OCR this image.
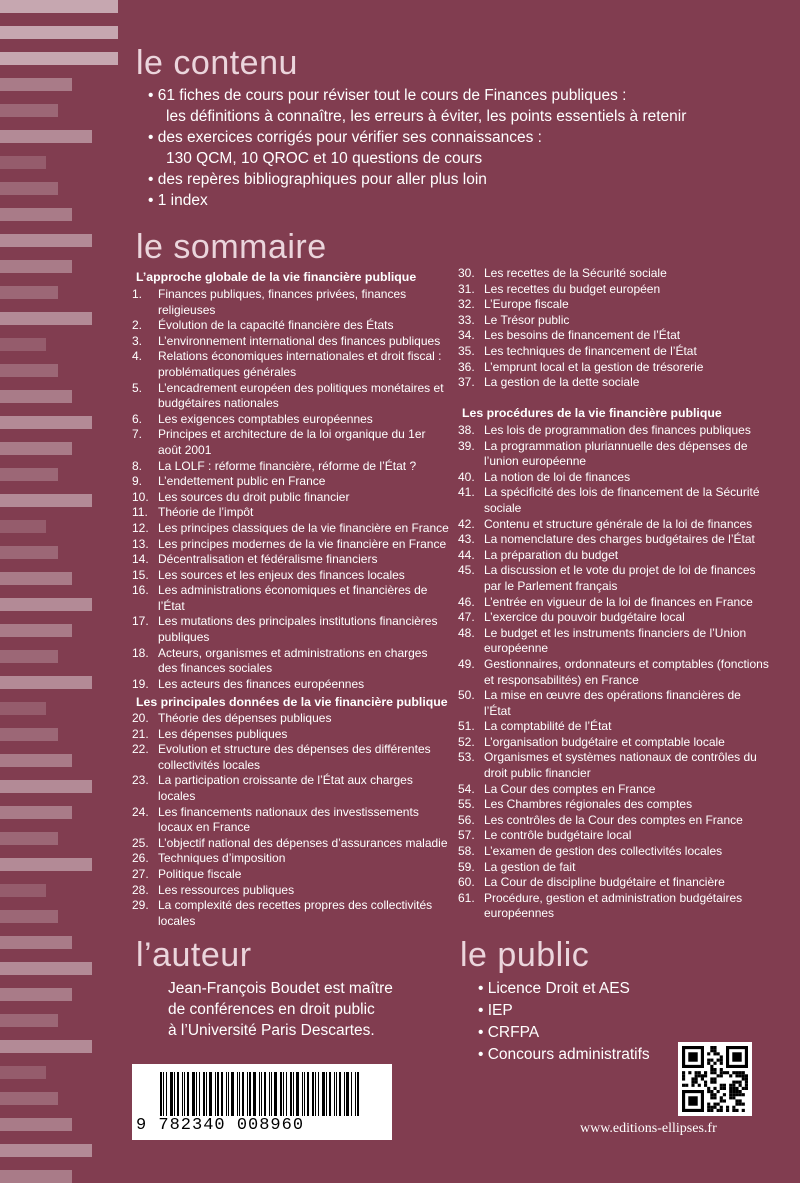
le contenu
• 61 fiches de cours pour réviser tout le cours de Finances publiques :
les définitions à connaître, les erreurs à éviter, les points essentiels à retenir
• des exercices corrigés pour vérifier ses connaissances :
130 QCM, 10 QROC et 10 questions de cours
• des repères bibliographiques pour aller plus loin
• 1 index
le sommaire
L’approche globale de la vie financière publique
1.	Finances publiques, finances privées, finances religieuses
2.	Évolution de la capacité financière des États
3.	L’environnement international des finances publiques
4.	Relations économiques internationales et droit fiscal : problématiques générales
5.	L’encadrement européen des politiques monétaires et budgétaires nationales
6.	Les exigences comptables européennes
7.	Principes et architecture de la loi organique du 1er août 2001
8.	La LOLF : réforme financière, réforme de l’État ?
9.	L’endettement public en France
10. Les sources du droit public financier
11. Théorie de l’impôt
12. Les principes classiques de la vie financière en France
13. Les principes modernes de la vie financière en France
14. Décentralisation et fédéralisme financiers
15. Les sources et les enjeux des finances locales
16. Les administrations économiques et financières de l’État
17. Les mutations des principales institutions financières publiques
18. Acteurs, organismes et administrations en charges des finances sociales
19. Les acteurs des finances européennes
Les principales données de la vie financière publique
20. Théorie des dépenses publiques
21. Les dépenses publiques
22. Evolution et structure des dépenses des différentes collectivités locales
23. La participation croissante de l’État aux charges locales
24. Les financements nationaux des investissements locaux en France
25. L’objectif national des dépenses d’assurances maladie
26. Techniques d’imposition
27. Politique fiscale
28. Les ressources publiques
29. La complexité des recettes propres des collectivités locales
30. Les recettes de la Sécurité sociale
31. Les recettes du budget européen
32. L’Europe fiscale
33. Le Trésor public
34. Les besoins de financement de l’État
35. Les techniques de financement de l’État
36. L’emprunt local et la gestion de trésorerie
37. La gestion de la dette sociale
Les procédures de la vie financière publique
38. Les lois de programmation des finances publiques
39. La programmation pluriannuelle des dépenses de l’union européenne
40. La notion de loi de finances
41. La spécificité des lois de financement de la Sécurité sociale
42. Contenu et structure générale de la loi de finances
43. La nomenclature des charges budgétaires de l’État
44. La préparation du budget
45. La discussion et le vote du projet de loi de finances par le Parlement français
46. L’entrée en vigueur de la loi de finances en France
47. L’exercice du pouvoir budgétaire local
48. Le budget et les instruments financiers de l’Union européenne
49. Gestionnaires, ordonnateurs et comptables (fonctions et responsabilités) en France
50. La mise en œuvre des opérations financières de l’État
51. La comptabilité de l’État
52. L’organisation budgétaire et comptable locale
53. Organismes et systèmes nationaux de contrôles du droit public financier
54. La Cour des comptes en France
55. Les Chambres régionales des comptes
56. Les contrôles de la Cour des comptes en France
57. Le contrôle budgétaire local
58. L’examen de gestion des collectivités locales
59. La gestion de fait
60. La Cour de discipline budgétaire et financière
61. Procédure, gestion et administration budgétaires européennes
l’auteur	le public
Jean-François Boudet est maître
de conférences en droit public
à l’Université Paris Descartes.
• Licence Droit et AES
• IEP
• CRFPA
• Concours administratifs
9 782340 008960	www.editions-ellipses.fr
